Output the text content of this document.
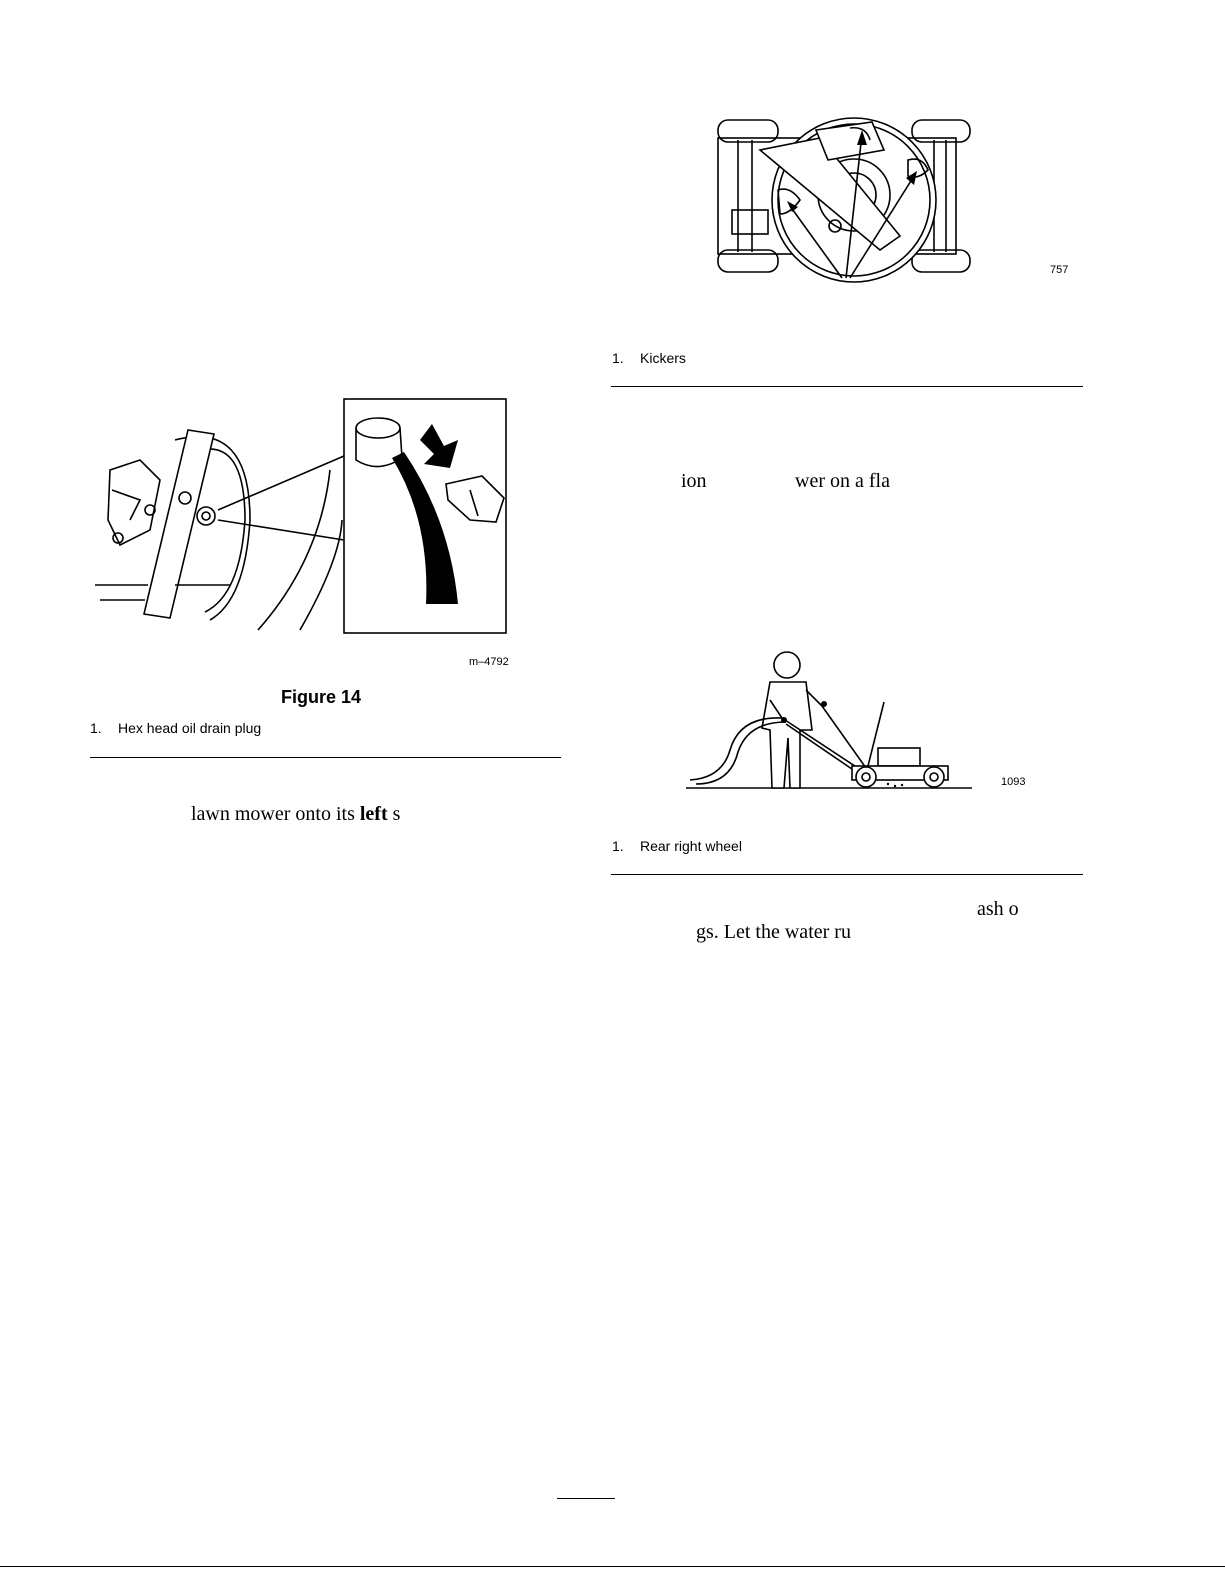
757
1. Kickers
ion	wer on a fla
m–4792
Figure 14
1. Hex head oil drain plug

lawn mower onto its left s

1093
1. Rear right wheel
ash o
gs. Let the water ru
